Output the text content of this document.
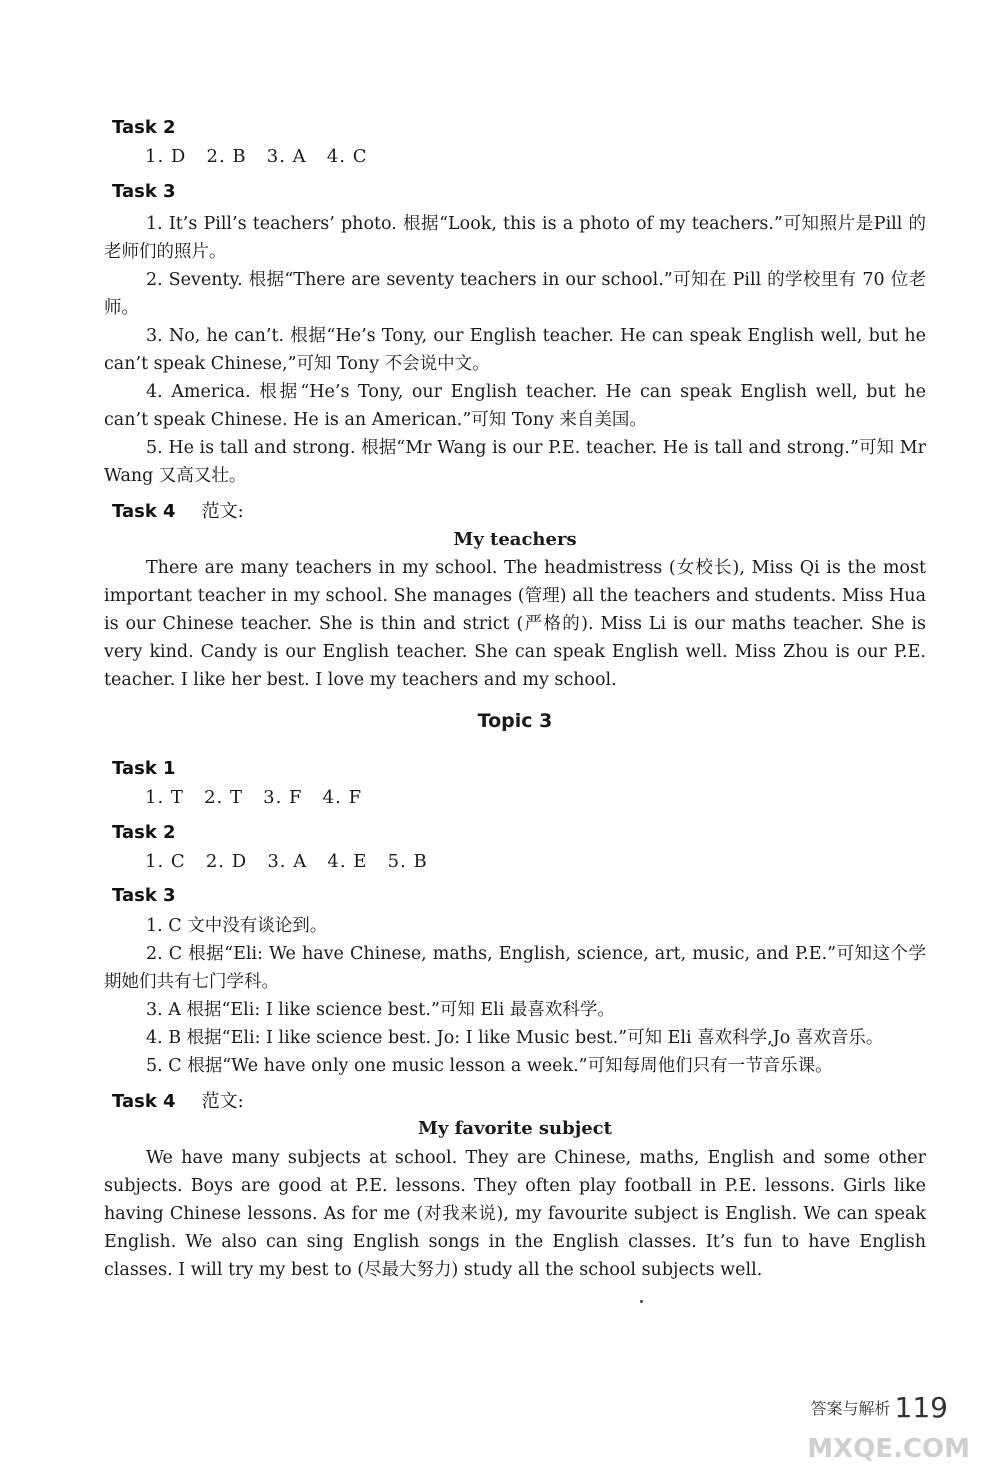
Task 2
1. D   2. B   3. A   4. C
Task 3

1. It’s Pill’s teachers’ photo. 根据“Look, this is a photo of my teachers.”可知照片是Pill 的老师们的照片。

2. Seventy. 根据“There are seventy teachers in our school.”可知在 Pill 的学校里有 70 位老师。

3. No, he can’t. 根据“He’s Tony, our English teacher. He can speak English well, but he can’t speak Chinese,”可知 Tony 不会说中文。

4. America. 根据“He’s Tony, our English teacher. He can speak English well, but he can’t speak Chinese. He is an American.”可知 Tony 来自美国。

5. He is tall and strong. 根据“Mr Wang is our P.E. teacher. He is tall and strong.”可知 Mr Wang 又高又壮。

Task 4 范文:
My teachers

There are many teachers in my school. The headmistress (女校长), Miss Qi is the most important teacher in my school. She manages (管理) all the teachers and students. Miss Hua is our Chinese teacher. She is thin and strict (严格的). Miss Li is our maths teacher. She is very kind. Candy is our English teacher. She can speak English well. Miss Zhou is our P.E. teacher. I like her best. I love my teachers and my school.

Topic 3
Task 1
1. T   2. T   3. F   4. F
Task 2
1. C   2. D   3. A   4. E   5. B
Task 3

1. C 文中没有谈论到。

2. C 根据“Eli: We have Chinese, maths, English, science, art, music, and P.E.”可知这个学期她们共有七门学科。

3. A 根据“Eli: I like science best.”可知 Eli 最喜欢科学。

4. B 根据“Eli: I like science best. Jo: I like Music best.”可知 Eli 喜欢科学,Jo 喜欢音乐。

5. C 根据“We have only one music lesson a week.”可知每周他们只有一节音乐课。

Task 4 范文:
My favorite subject

We have many subjects at school. They are Chinese, maths, English and some other subjects. Boys are good at P.E. lessons. They often play football in P.E. lessons. Girls like having Chinese lessons. As for me (对我来说), my favourite subject is English. We can speak English. We also can sing English songs in the English classes. It’s fun to have English classes. I will try my best to (尽最大努力) study all the school subjects well.

答案与解析 119
MXQE.COM
